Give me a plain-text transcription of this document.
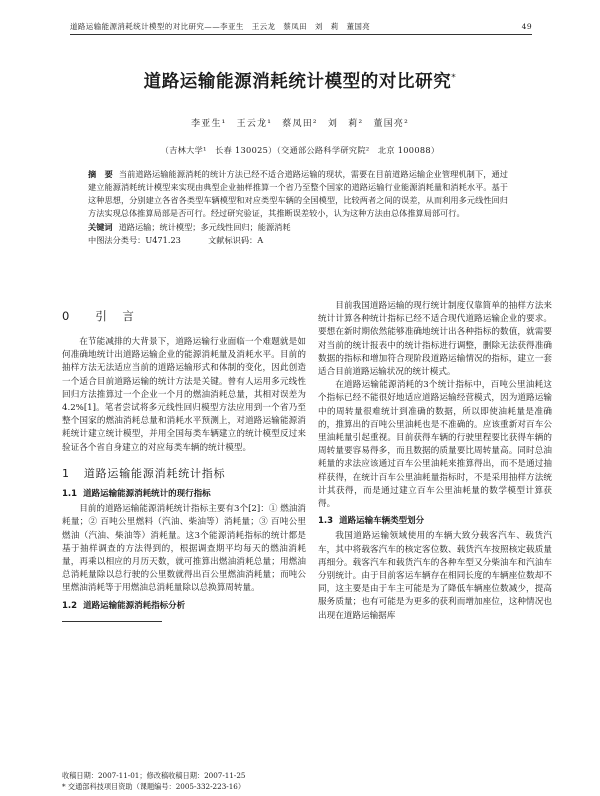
道路运输能源消耗统计模型的对比研究——李亚生　王云龙　蔡凤田　刘　莉　董国亮	49
道路运输能源消耗统计模型的对比研究*
李亚生¹　王云龙¹　蔡凤田²　刘　莉²　董国亮²
（吉林大学¹　长春 130025）（交通部公路科学研究院²　北京 100088）
摘　要 当前道路运输能源消耗的统计方法已经不适合道路运输的现状，需要在目前道路运输企业管理机制下，通过建立能源消耗统计模型来实现由典型企业抽样推算一个省乃至整个国家的道路运输行业能源消耗量和消耗水平。基于这种思想，分别建立各省各类型车辆模型和对应类型车辆的全国模型，比较两者之间的误差，从而利用多元线性回归方法实现总体推算局部是否可行。经过研究验证，其推断误差较小，认为这种方法由总体推算局部可行。
关键词 道路运输；统计模型；多元线性回归；能源消耗
中图法分类号：U471.23	文献标识码：A
0 引　言

在节能减排的大背景下，道路运输行业面临一个难题就是如何准确地统计出道路运输企业的能源消耗量及消耗水平。目前的抽样方法无法适应当前的道路运输形式和体制的变化，因此创造一个适合目前道路运输的统计方法是关键。曾有人运用多元线性回归方法推算过一个企业一个月的燃油消耗总量，其相对误差为 4.2%[1]。笔者尝试将多元线性回归模型方法应用到一个省乃至整个国家的燃油消耗总量和消耗水平预测上，对道路运输能源消耗统计建立统计模型，并用全国每类车辆建立的统计模型反过来验证各个省自身建立的对应每类车辆的统计模型。

1 道路运输能源消耗统计指标
1.1 道路运输能源消耗统计的现行指标

目前的道路运输能源消耗统计指标主要有3个[2]：① 燃油消耗量；② 百吨公里燃料（汽油、柴油等）消耗量；③ 百吨公里燃油（汽油、柴油等）消耗量。这3个能源消耗指标的统计都是基于抽样调查的方法得到的，根据调查期平均每天的燃油消耗量，再乘以相应的月历天数，就可推算出燃油消耗总量；用燃油总消耗量除以总行驶的公里数就得出百公里燃油消耗量；而吨公里燃油消耗等于用燃油总消耗量除以总换算周转量。

1.2 道路运输能源消耗指标分析

目前我国道路运输的现行统计制度仅靠简单的抽样方法来统计计算各种统计指标已经不适合现代道路运输企业的要求。要想在新时期依然能够准确地统计出各种指标的数值，就需要对当前的统计报表中的统计指标进行调整，删除无法获得准确数据的指标和增加符合现阶段道路运输情况的指标，建立一套适合目前道路运输状况的统计模式。

在道路运输能源消耗的3个统计指标中，百吨公里油耗这个指标已经不能很好地适应道路运输经营模式，因为道路运输中的周转量很难统计到准确的数据，所以即使油耗量是准确的，推算出的百吨公里油耗也是不准确的。应该重新对百车公里油耗量引起重视。目前获得车辆的行驶里程要比获得车辆的周转量要容易得多，而且数据的质量要比周转量高。同时总油耗量的求法应该通过百车公里油耗来推算得出，而不是通过抽样获得，在统计百车公里油耗量指标时，不是采用抽样方法统计其获得，而是通过建立百车公里油耗量的数学模型计算获得。

1.3 道路运输车辆类型划分

我国道路运输领域使用的车辆大致分载客汽车、载货汽车，其中将载客汽车的核定客位数、载货汽车按照核定载质量再细分。载客汽车和载货汽车的各种车型又分柴油车和汽油车分别统计。由于目前客运车辆存在相同长度的车辆座位数却不同，这主要是由于车主可能是为了降低车辆座位数减少，提高服务质量；也有可能是为更多的获利而增加座位，这种情况也出现在道路运输据库

收稿日期：2007-11-01；修改稿收稿日期：2007-11-25
* 交通部科技项目资助（课题编号：2005-332-223-16）
